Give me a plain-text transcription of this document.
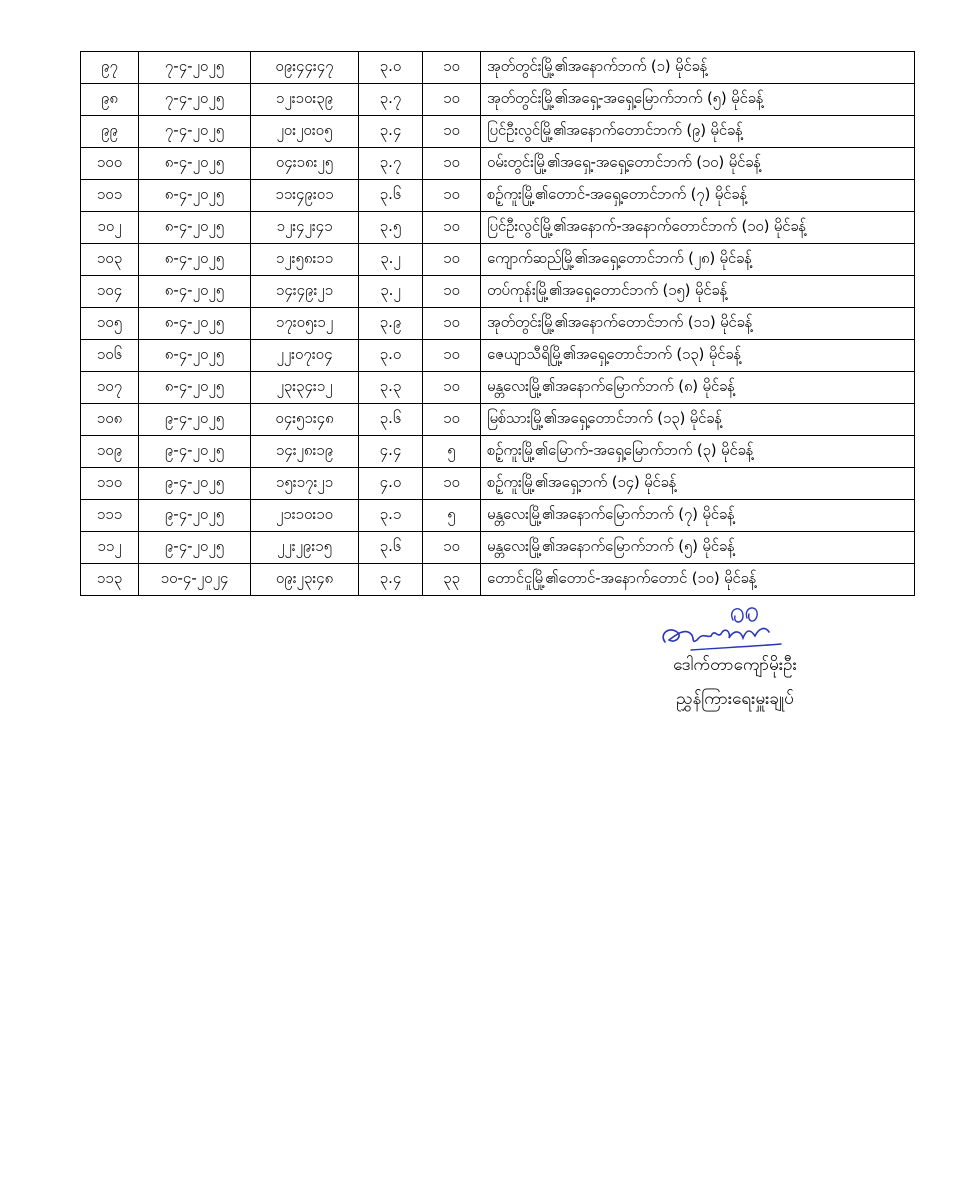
၉၇	၇-၄-၂၀၂၅	၀၉း၄၄း၄၇	၃.၀	၁၀	အုတ်တွင်းမြို့၏အနောက်ဘက် (၁) မိုင်ခန့်
၉၈	၇-၄-၂၀၂၅	၁၂း၁၀း၃၉	၃.၇	၁၀	အုတ်တွင်းမြို့၏အရှေ့-အရှေ့မြောက်ဘက် (၅) မိုင်ခန့်
၉၉	၇-၄-၂၀၂၅	၂၀း၂၀း၀၅	၃.၄	၁၀	ပြင်ဦးလွင်မြို့၏အနောက်တောင်ဘက် (၉) မိုင်ခန့်
၁၀၀	၈-၄-၂၀၂၅	၀၄း၁၈း၂၅	၃.၇	၁၀	ဝမ်းတွင်းမြို့၏အရှေ့-အရှေ့တောင်ဘက် (၁၀) မိုင်ခန့်
၁၀၁	၈-၄-၂၀၂၅	၁၁း၄၉း၀၁	၃.၆	၁၀	စဥ့်ကူးမြို့၏တောင်-အရှေ့တောင်ဘက် (၇) မိုင်ခန့်
၁၀၂	၈-၄-၂၀၂၅	၁၂း၄၂း၄၁	၃.၅	၁၀	ပြင်ဦးလွင်မြို့၏အနောက်-အနောက်တောင်ဘက် (၁၀) မိုင်ခန့်
၁၀၃	၈-၄-၂၀၂၅	၁၂း၅၈း၁၁	၃.၂	၁၀	ကျောက်ဆည်မြို့၏အရှေ့တောင်ဘက် (၂၈) မိုင်ခန့်
၁၀၄	၈-၄-၂၀၂၅	၁၄း၄၉း၂၁	၃.၂	၁၀	တပ်ကုန်းမြို့၏အရှေ့တောင်ဘက် (၁၅) မိုင်ခန့်
၁၀၅	၈-၄-၂၀၂၅	၁၇း၀၅း၁၂	၃.၉	၁၀	အုတ်တွင်းမြို့၏အနောက်တောင်ဘက် (၁၁) မိုင်ခန့်
၁၀၆	၈-၄-၂၀၂၅	၂၂း၀၇း၀၄	၃.၀	၁၀	ဇေယျာသီရိမြို့၏အရှေ့တောင်ဘက် (၁၃) မိုင်ခန့်
၁၀၇	၈-၄-၂၀၂၅	၂၃း၃၄း၁၂	၃.၃	၁၀	မန္တလေးမြို့၏အနောက်မြောက်ဘက် (၈) မိုင်ခန့်
၁၀၈	၉-၄-၂၀၂၅	၀၄း၅၁း၄၈	၃.၆	၁၀	မြစ်သားမြို့၏အရှေ့တောင်ဘက် (၁၃) မိုင်ခန့်
၁၀၉	၉-၄-၂၀၂၅	၁၄း၂၈း၁၉	၄.၄	၅	စဥ့်ကူးမြို့၏မြောက်-အရှေ့မြောက်ဘက် (၃) မိုင်ခန့်
၁၁၀	၉-၄-၂၀၂၅	၁၅း၁၇း၂၁	၄.၀	၁၀	စဥ့်ကူးမြို့၏အရှေ့ဘက် (၁၄) မိုင်ခန့်
၁၁၁	၉-၄-၂၀၂၅	၂၁း၁၀း၁၀	၃.၁	၅	မန္တလေးမြို့၏အနောက်မြောက်ဘက် (၇) မိုင်ခန့်
၁၁၂	၉-၄-၂၀၂၅	၂၂း၂၉း၁၅	၃.၆	၁၀	မန္တလေးမြို့၏အနောက်မြောက်ဘက် (၅) မိုင်ခန့်
၁၁၃	၁၀-၄-၂၀၂၄	၀၉း၂၃း၄၈	၃.၄	၃၃	တောင်ငူမြို့၏တောင်-အနောက်တောင် (၁၀) မိုင်ခန့်
ဒေါက်တာကျော်မိုးဦး
ညွှန်ကြားရေးမှူးချုပ်
